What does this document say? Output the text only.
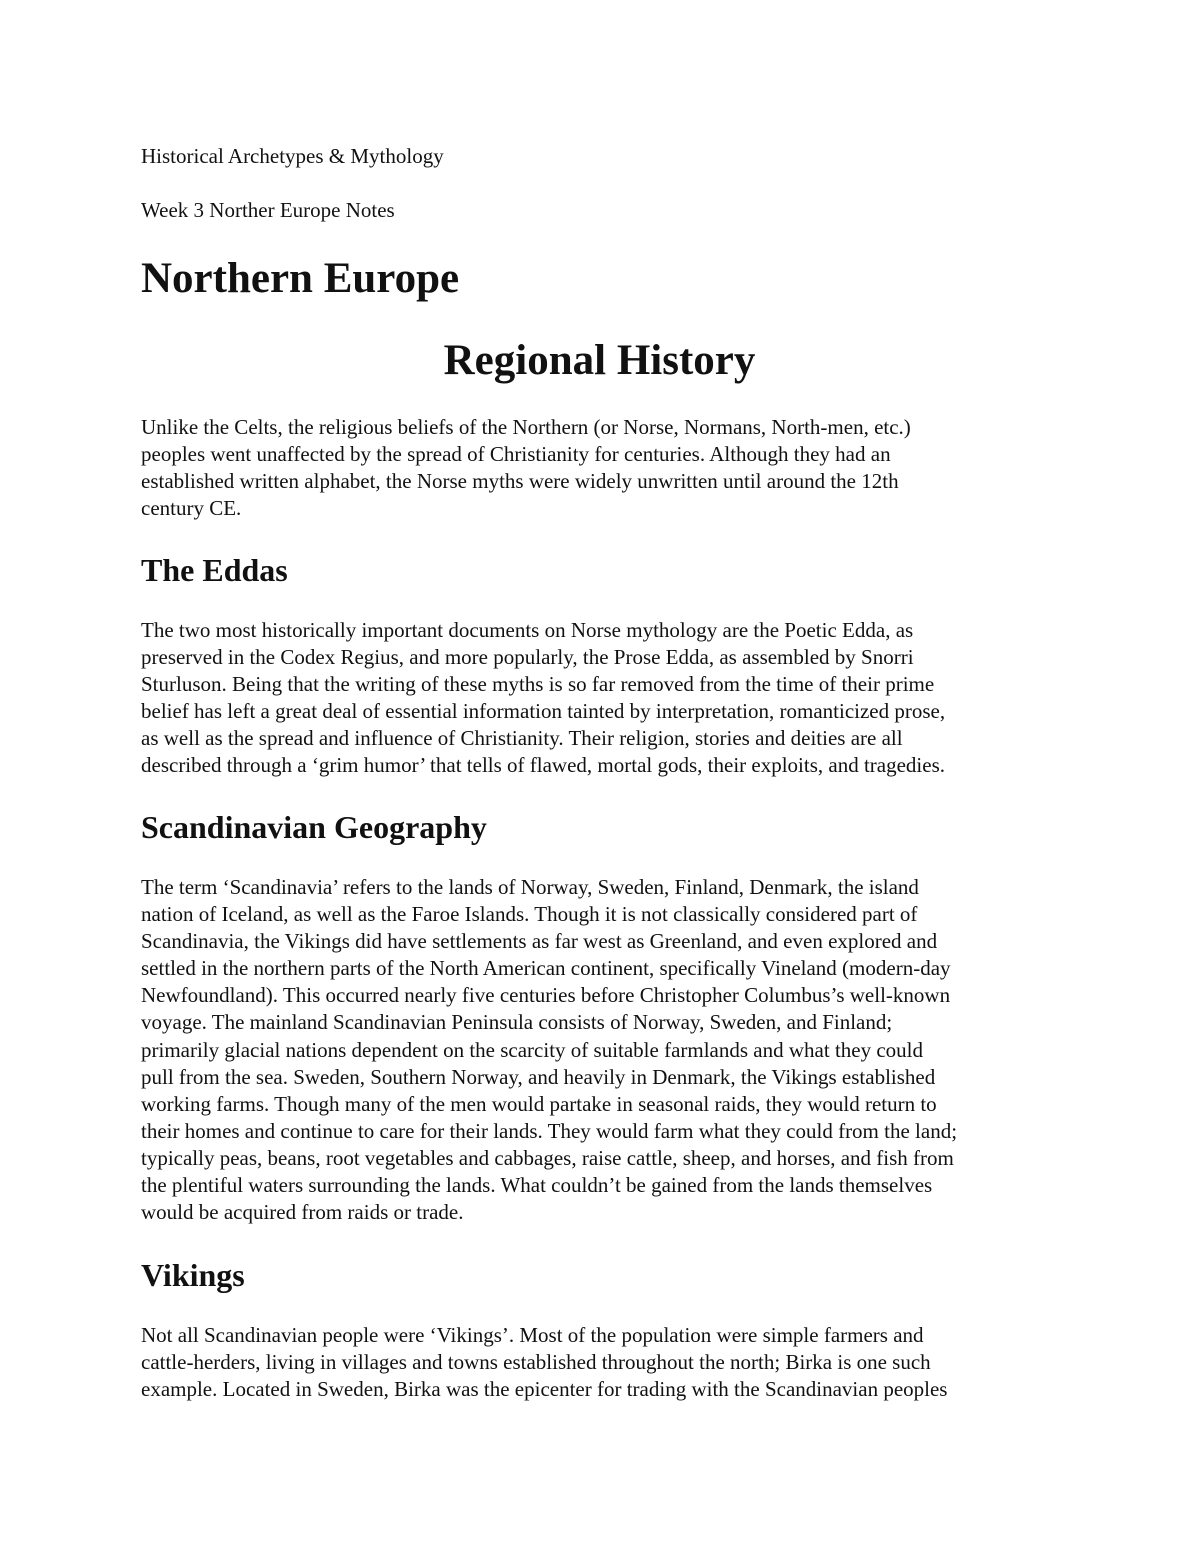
Historical Archetypes & Mythology
Week 3 Norther Europe Notes
Northern Europe
Regional History
Unlike the Celts, the religious beliefs of the Northern (or Norse, Normans, North-men, etc.)
peoples went unaffected by the spread of Christianity for centuries. Although they had an
established written alphabet, the Norse myths were widely unwritten until around the 12th
century CE.
The Eddas
The two most historically important documents on Norse mythology are the Poetic Edda, as
preserved in the Codex Regius, and more popularly, the Prose Edda, as assembled by Snorri
Sturluson. Being that the writing of these myths is so far removed from the time of their prime
belief has left a great deal of essential information tainted by interpretation, romanticized prose,
as well as the spread and influence of Christianity. Their religion, stories and deities are all
described through a ‘grim humor’ that tells of flawed, mortal gods, their exploits, and tragedies.
Scandinavian Geography
The term ‘Scandinavia’ refers to the lands of Norway, Sweden, Finland, Denmark, the island
nation of Iceland, as well as the Faroe Islands. Though it is not classically considered part of
Scandinavia, the Vikings did have settlements as far west as Greenland, and even explored and
settled in the northern parts of the North American continent, specifically Vineland (modern-day
Newfoundland). This occurred nearly five centuries before Christopher Columbus’s well-known
voyage. The mainland Scandinavian Peninsula consists of Norway, Sweden, and Finland;
primarily glacial nations dependent on the scarcity of suitable farmlands and what they could
pull from the sea. Sweden, Southern Norway, and heavily in Denmark, the Vikings established
working farms. Though many of the men would partake in seasonal raids, they would return to
their homes and continue to care for their lands. They would farm what they could from the land;
typically peas, beans, root vegetables and cabbages, raise cattle, sheep, and horses, and fish from
the plentiful waters surrounding the lands. What couldn’t be gained from the lands themselves
would be acquired from raids or trade.
Vikings
Not all Scandinavian people were ‘Vikings’. Most of the population were simple farmers and
cattle-herders, living in villages and towns established throughout the north; Birka is one such
example. Located in Sweden, Birka was the epicenter for trading with the Scandinavian peoples
